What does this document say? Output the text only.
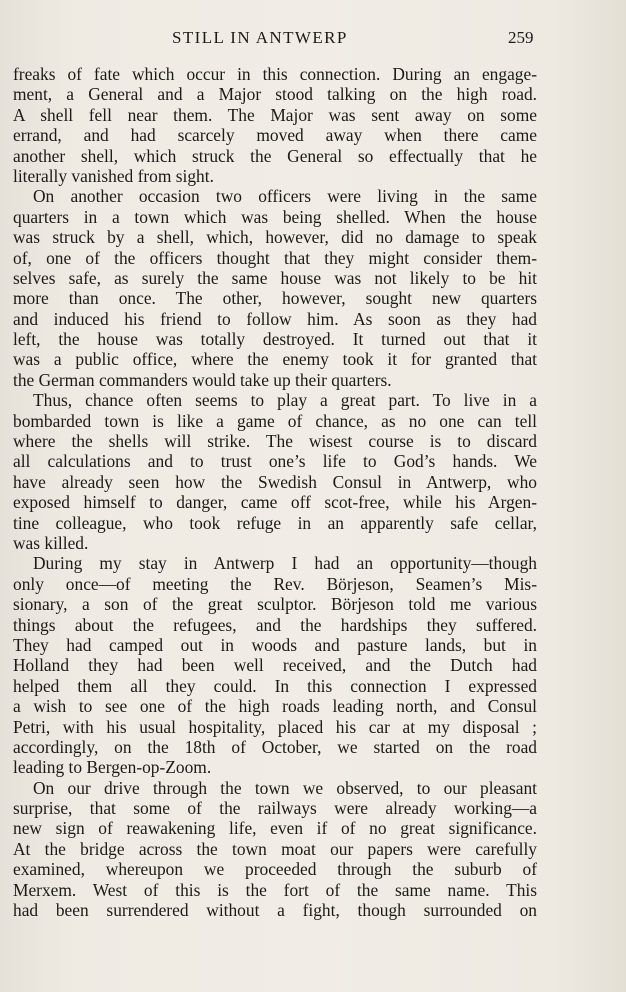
STILL IN ANTWERP	259
freaks of fate which occur in this connection. During an engage-
ment, a General and a Major stood talking on the high road.
A shell fell near them. The Major was sent away on some
errand, and had scarcely moved away when there came
another shell, which struck the General so effectually that he
literally vanished from sight.
On another occasion two officers were living in the same
quarters in a town which was being shelled. When the house
was struck by a shell, which, however, did no damage to speak
of, one of the officers thought that they might consider them-
selves safe, as surely the same house was not likely to be hit
more than once. The other, however, sought new quarters
and induced his friend to follow him. As soon as they had
left, the house was totally destroyed. It turned out that it
was a public office, where the enemy took it for granted that
the German commanders would take up their quarters.
Thus, chance often seems to play a great part. To live in a
bombarded town is like a game of chance, as no one can tell
where the shells will strike. The wisest course is to discard
all calculations and to trust one’s life to God’s hands. We
have already seen how the Swedish Consul in Antwerp, who
exposed himself to danger, came off scot-free, while his Argen-
tine colleague, who took refuge in an apparently safe cellar,
was killed.
During my stay in Antwerp I had an opportunity—though
only once—of meeting the Rev. Börjeson, Seamen’s Mis-
sionary, a son of the great sculptor. Börjeson told me various
things about the refugees, and the hardships they suffered.
They had camped out in woods and pasture lands, but in
Holland they had been well received, and the Dutch had
helped them all they could. In this connection I expressed
a wish to see one of the high roads leading north, and Consul
Petri, with his usual hospitality, placed his car at my disposal ;
accordingly, on the 18th of October, we started on the road
leading to Bergen-op-Zoom.
On our drive through the town we observed, to our pleasant
surprise, that some of the railways were already working—a
new sign of reawakening life, even if of no great significance.
At the bridge across the town moat our papers were carefully
examined, whereupon we proceeded through the suburb of
Merxem. West of this is the fort of the same name. This
had been surrendered without a fight, though surrounded on
